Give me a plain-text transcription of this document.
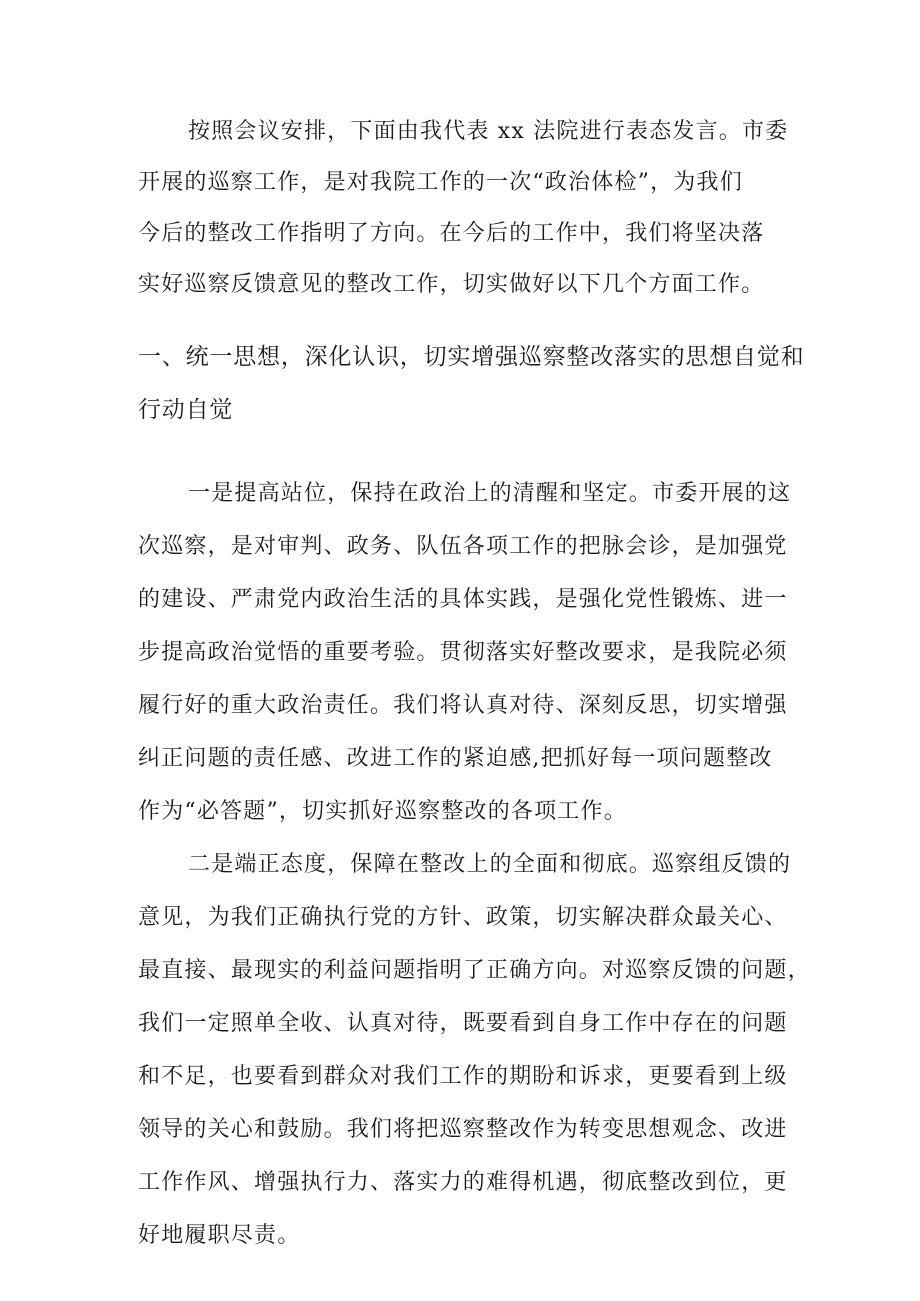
按照会议安排，下面由我代表 xx 法院进行表态发言。市委
开展的巡察工作，是对我院工作的一次“政治体检”，为我们
今后的整改工作指明了方向。在今后的工作中，我们将坚决落
实好巡察反馈意见的整改工作，切实做好以下几个方面工作。
一、统一思想，深化认识，切实增强巡察整改落实的思想自觉和
行动自觉
一是提高站位，保持在政治上的清醒和坚定。市委开展的这
次巡察，是对审判、政务、队伍各项工作的把脉会诊，是加强党
的建设、严肃党内政治生活的具体实践，是强化党性锻炼、进一
步提高政治觉悟的重要考验。贯彻落实好整改要求，是我院必须
履行好的重大政治责任。我们将认真对待、深刻反思，切实增强
纠正问题的责任感、改进工作的紧迫感,把抓好每一项问题整改
作为“必答题”，切实抓好巡察整改的各项工作。
二是端正态度，保障在整改上的全面和彻底。巡察组反馈的
意见，为我们正确执行党的方针、政策，切实解决群众最关心、
最直接、最现实的利益问题指明了正确方向。对巡察反馈的问题，
我们一定照单全收、认真对待，既要看到自身工作中存在的问题
和不足，也要看到群众对我们工作的期盼和诉求，更要看到上级
领导的关心和鼓励。我们将把巡察整改作为转变思想观念、改进
工作作风、增强执行力、落实力的难得机遇，彻底整改到位，更
好地履职尽责。
